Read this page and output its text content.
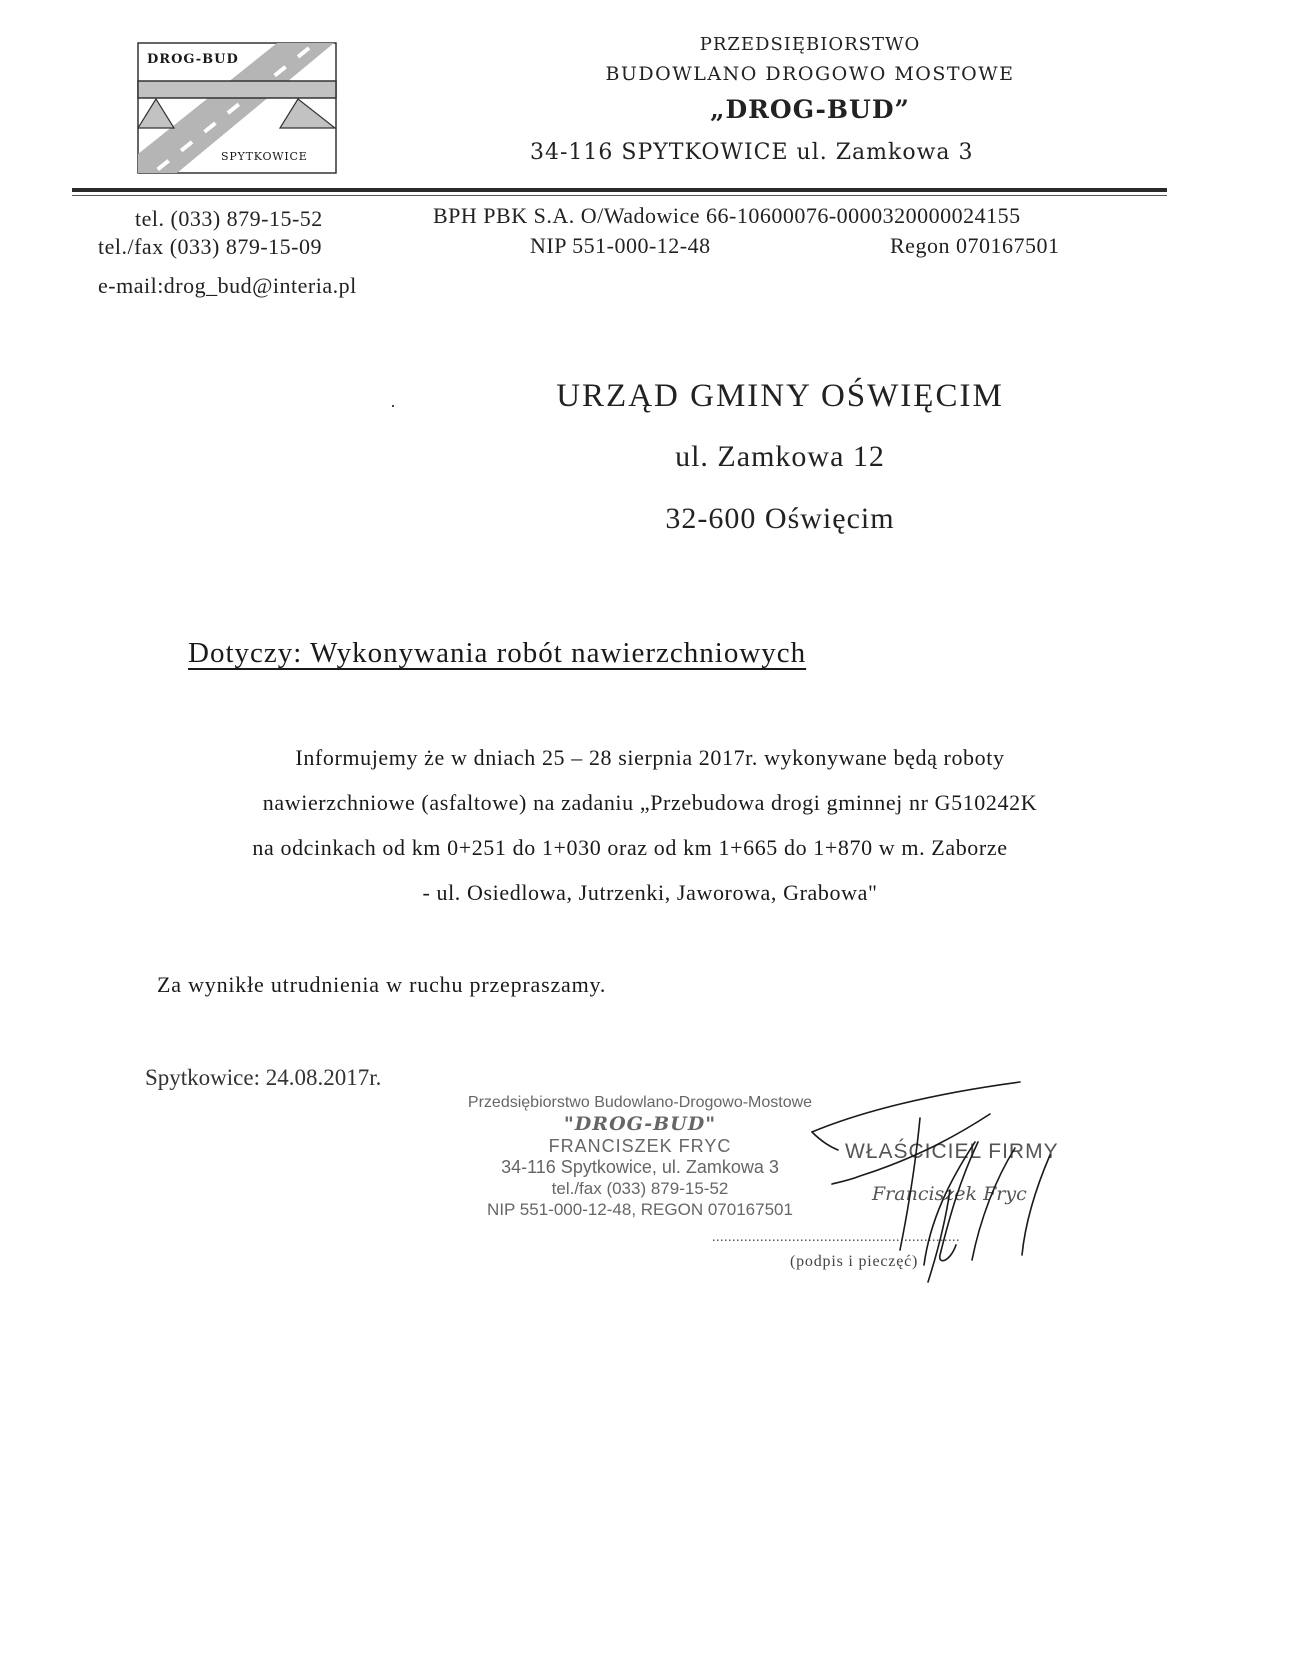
DROG-BUD
SPYTKOWICE
PRZEDSIĘBIORSTWO
BUDOWLANO DROGOWO MOSTOWE
„DROG-BUD”
34-116 SPYTKOWICE ul. Zamkowa 3
tel. (033) 879-15-52
tel./fax (033) 879-15-09
e-mail:drog_bud@interia.pl
BPH PBK S.A. O/Wadowice 66-10600076-0000320000024155
NIP 551-000-12-48	Regon 070167501
URZĄD GMINY OŚWIĘCIM
ul. Zamkowa 12
32-600 Oświęcim
Dotyczy: Wykonywania robót nawierzchniowych
Informujemy że w dniach 25 – 28 sierpnia 2017r. wykonywane będą roboty
nawierzchniowe (asfaltowe) na zadaniu „Przebudowa drogi gminnej nr G510242K
na odcinkach od km 0+251 do 1+030 oraz od km 1+665 do 1+870 w m. Zaborze
- ul. Osiedlowa, Jutrzenki, Jaworowa, Grabowa"
Za wynikłe utrudnienia w ruchu przepraszamy.
Spytkowice: 24.08.2017r.
Przedsiębiorstwo Budowlano-Drogowo-Mostowe
"DROG-BUD"
FRANCISZEK FRYC
34-116 Spytkowice, ul. Zamkowa 3
tel./fax (033) 879-15-52
NIP 551-000-12-48, REGON 070167501
WŁAŚCICIEL FIRMY
Franciszek Fryc
..............................................................
(podpis i pieczęć)
